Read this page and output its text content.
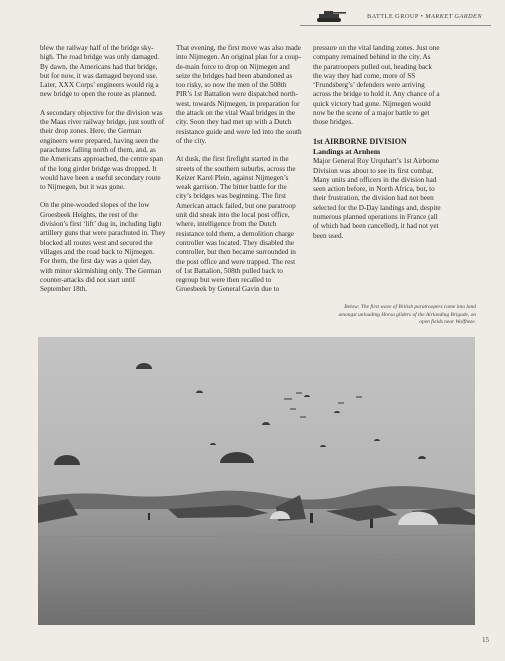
BATTLE GROUP • MARKET GARDEN

blew the railway half of the bridge sky-high. The road bridge was only damaged. By dawn, the Americans had that bridge, but for now, it was damaged beyond use. Later, XXX Corps’ engineers would rig a new bridge to open the route as planned.

A secondary objective for the division was the Maas river railway bridge, just south of their drop zones. Here, the German engineers were prepared, having seen the parachutes falling north of them, and, as the Americans approached, the centre span of the long girder bridge was dropped. It would have been a useful secondary route to Nijmegen, but it was gone.

On the pine-wooded slopes of the low Groesbeek Heights, the rest of the division’s first ‘lift’ dug in, including light artillery guns that were parachuted in. They blocked all routes west and secured the villages and the road back to Nijmegen. For them, the first day was a quiet day, with minor skirmishing only. The German counter-attacks did not start until September 18th.

That evening, the first move was also made into Nijmegen. An original plan for a coup-de-main force to drop on Nijmegen and seize the bridges had been abandoned as too risky, so now the men of the 508th PIR’s 1st Battalion were dispatched north-west, towards Nijmegen, in preparation for the attack on the vital Waal bridges in the city. Soon they had met up with a Dutch resistance guide and were led into the south of the city.

At dusk, the first firefight started in the streets of the southern suburbs, across the Keizer Karel Plein, against Nijmegen’s weak garrison. The bitter battle for the city’s bridges was beginning. The first American attack failed, but one paratroop unit did sneak into the local post office, where, intelligence from the Dutch resistance told them, a demolition charge controller was located. They disabled the controller, but then became surrounded in the post office and were trapped. The rest of 1st Battalion, 508th pulled back to regroup but were then recalled to Groesbeek by General Gavin due to

pressure on the vital landing zones. Just one company remained behind in the city. As the paratroopers pulled out, heading back the way they had come, more of SS ‘Frundsberg’s’ defenders were arriving across the bridge to hold it. Any chance of a quick victory had gone. Nijmegen would now be the scene of a major battle to get those bridges.

1st AIRBORNE DIVISION
Landings at Arnhem

Major General Roy Urquhart’s 1st Airborne Division was about to see its first combat. Many units and officers in the division had seen action before, in North Africa, but, to their frustration, the division had not been selected for the D-Day landings and, despite numerous planned operations in France (all of which had been cancelled), it had not yet been used.

Below: The first wave of British paratroopers come into land amongst unloading Horsa gliders of the Airlanding Brigade, on open fields near Wolfheze.
15
